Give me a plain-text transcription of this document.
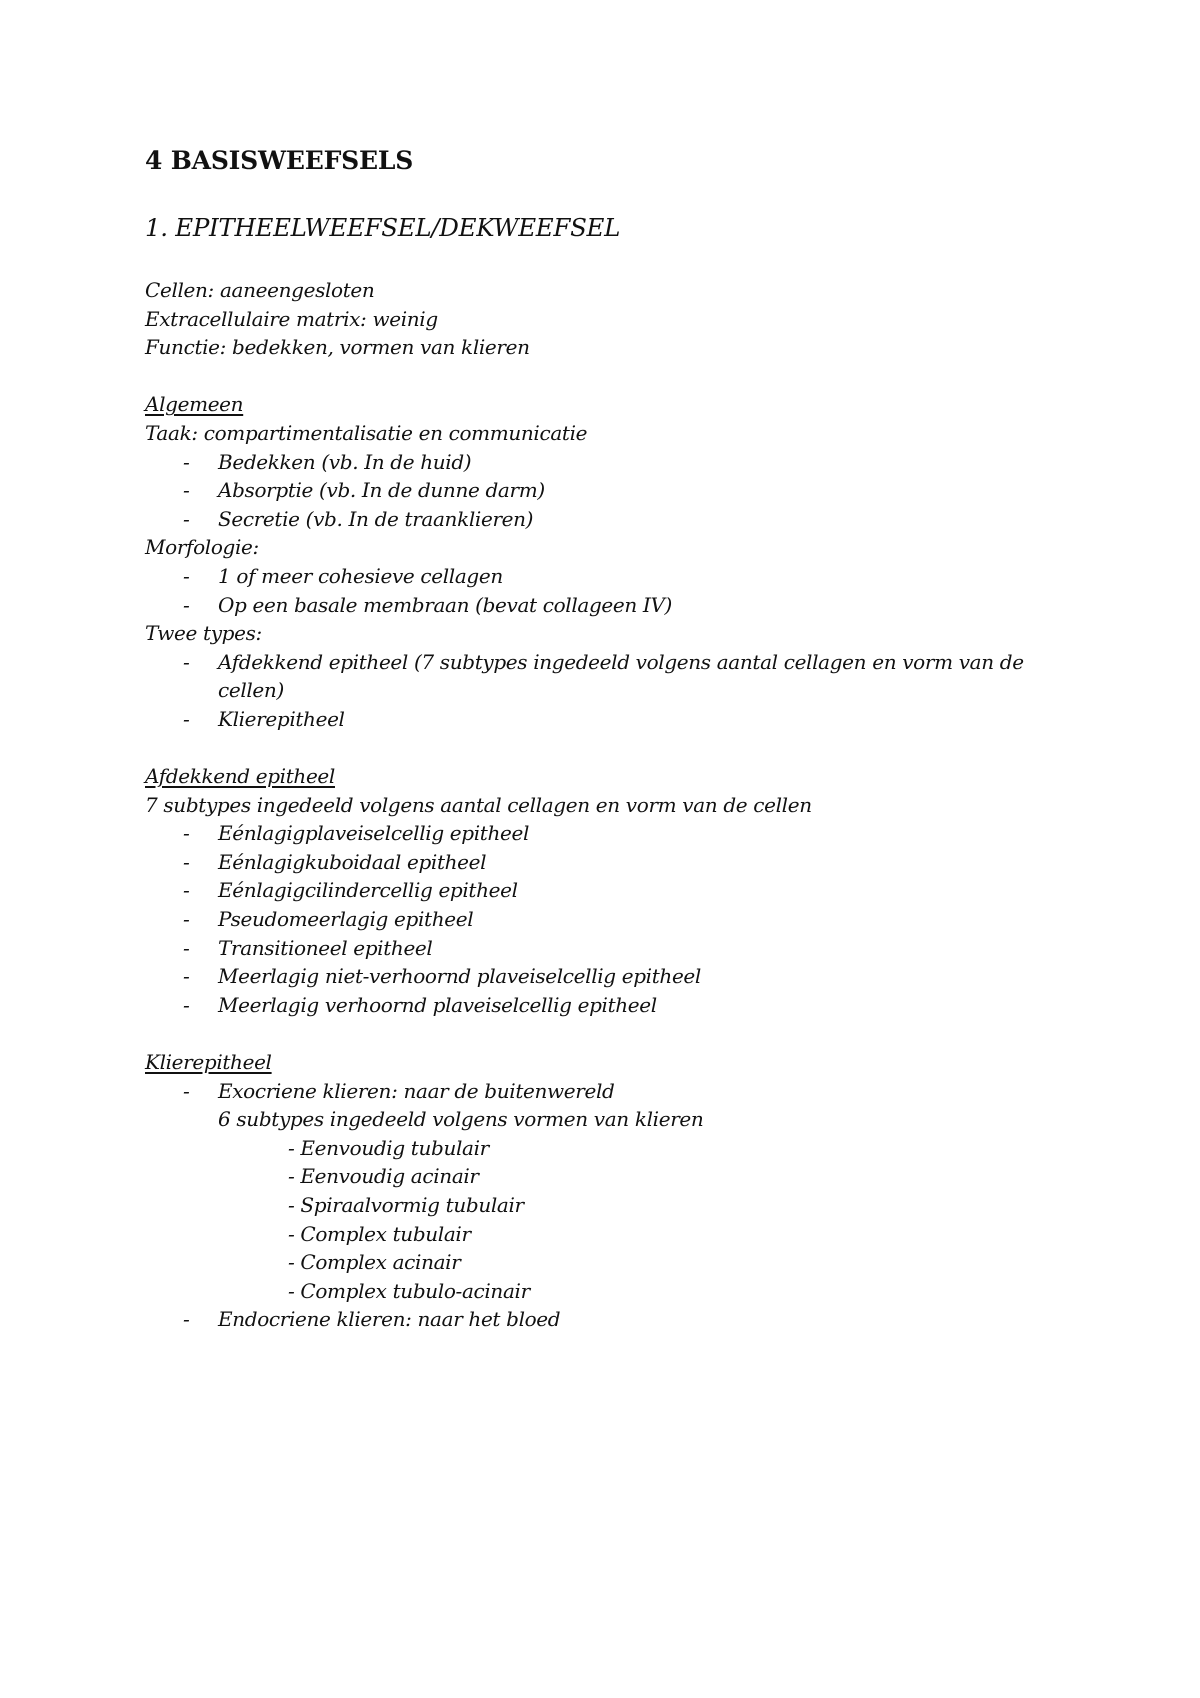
4 BASISWEEFSELS
1. EPITHEELWEEFSEL/DEKWEEFSEL
Cellen: aaneengesloten
Extracellulaire matrix: weinig
Functie: bedekken, vormen van klieren
Algemeen
Taak: compartimentalisatie en communicatie
- Bedekken (vb. In de huid)
- Absorptie (vb. In de dunne darm)
- Secretie (vb. In de traanklieren)
Morfologie:
- 1 of meer cohesieve cellagen
- Op een basale membraan (bevat collageen IV)
Twee types:
- Afdekkend epitheel (7 subtypes ingedeeld volgens aantal cellagen en vorm van de cellen)
- Klierepitheel
Afdekkend epitheel
7 subtypes ingedeeld volgens aantal cellagen en vorm van de cellen
- Eénlagigplaveiselcellig epitheel
- Eénlagigkuboidaal epitheel
- Eénlagigcilindercellig epitheel
- Pseudomeerlagig epitheel
- Transitioneel epitheel
- Meerlagig niet-verhoornd plaveiselcellig epitheel
- Meerlagig verhoornd plaveiselcellig epitheel
Klierepitheel
- Exocriene klieren: naar de buitenwereld
6 subtypes ingedeeld volgens vormen van klieren
- Eenvoudig tubulair
- Eenvoudig acinair
- Spiraalvormig tubulair
- Complex tubulair
- Complex acinair
- Complex tubulo-acinair
- Endocriene klieren: naar het bloed
